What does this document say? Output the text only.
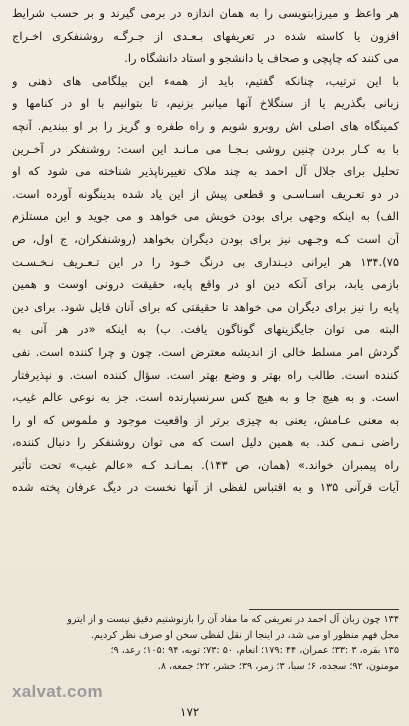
هر واعظ و میرزابنویسی را به همان اندازه در برمی گیرند و بر حسب شرایط
افزون یا کاسته شده در تعریفهای بـعـدی از جـرگـه روشنفکری اخـراج
می کنند که چاپچی و صحاف یا دانشجو و استاد دانشگاه را.
با این ترتیب، چنانکه گفتیم، باید از همهء این بیلگامی های ذهنی و
زبانی بگذریم یا از سنگلاخ آنها میانبر بزنیم، تا بتوانیم با او در کنامها و
کمینگاه های اصلی اش روبرو شویم و راه طفره و گریز را بر او ببندیم. آنچه
با به کـار بردن چنین روشی بـجـا می مـانـد این است: روشنفکر در آخـرین
تحلیل برای جلال آل احمد به چند ملاک تغییرناپذیر شناخته می شود که او
در دو تعـریف اسـاسـی و قطعی پیش از این یاد شده بدینگونه آورده است.
الف) به اینکه وجهی برای بودن خویش می خواهد و می جوید و این مستلزم
آن است کـه وجـهی نیز برای بودن دیگران بخواهد (روشنفکران، ج اول، ص
۷۵).۱۳۴ هر ایرانی دیـنداری بی درنگ خـود را در این تـعـریف نـخـسـت
بازمی یابد، برای آنکه دین او در واقع پایه، حقیقت درونی اوست و همین
پایه را نیز برای دیگران می خواهد تا حقیقتی که برای آنان قایل شود. برای دین
البته می توان جایگزینهای گوناگون یافت. ب) به اینکه «در هر آنی به
گردش امر مسلط خالی از اندیشه معترض است. چون و چرا کننده است. نفی
کننده است. طالب راه بهتر و وضع بهتر است. سؤال کننده است. و نپذیرفتار
است. و به هیچ جا و به هیچ کس سرنسپارنده است. جز به نوعی عالم غیب،
به معنی عـامش، یعنی به چیزی برتر از واقعیت موجود و ملموس که او را
راضی نـمی کند. به همین دلیل است که می توان روشنفکر را دنبال کننده،
راه پیمبران خواند.» (همان، ص ۱۴۳). بمـانـد کـه «عالم غیب» تحت تأثیر
آیات قرآنی ۱۳۵ و به اقتباس لفظی از آنها نخست در دیگ عرفان پخته شده
۱۳۴ چون زبان آل احمد در تعریفی که ما مفاد آن را بازنوشتیم دقیق نیست و از ایترو
محل فهم منظور او می شد، در اینجا از نقل لفظی سخن او صرف نظر کردیم.
۱۳۵ بقره، ۳ :۳۳؛ عمران، ۴۴ :۱۷۹؛ انعام، ۵۰ :۷۳؛ توبه، ۹۴ :۱۰۵؛ رعد، ۹؛
مومنون، ۹۲؛ سجده، ۶؛ سبا، ۳؛ زمر، ۳۹؛ حشر، ۲۲؛ جمعه، ۸.
xalvat.com
۱۷۲
